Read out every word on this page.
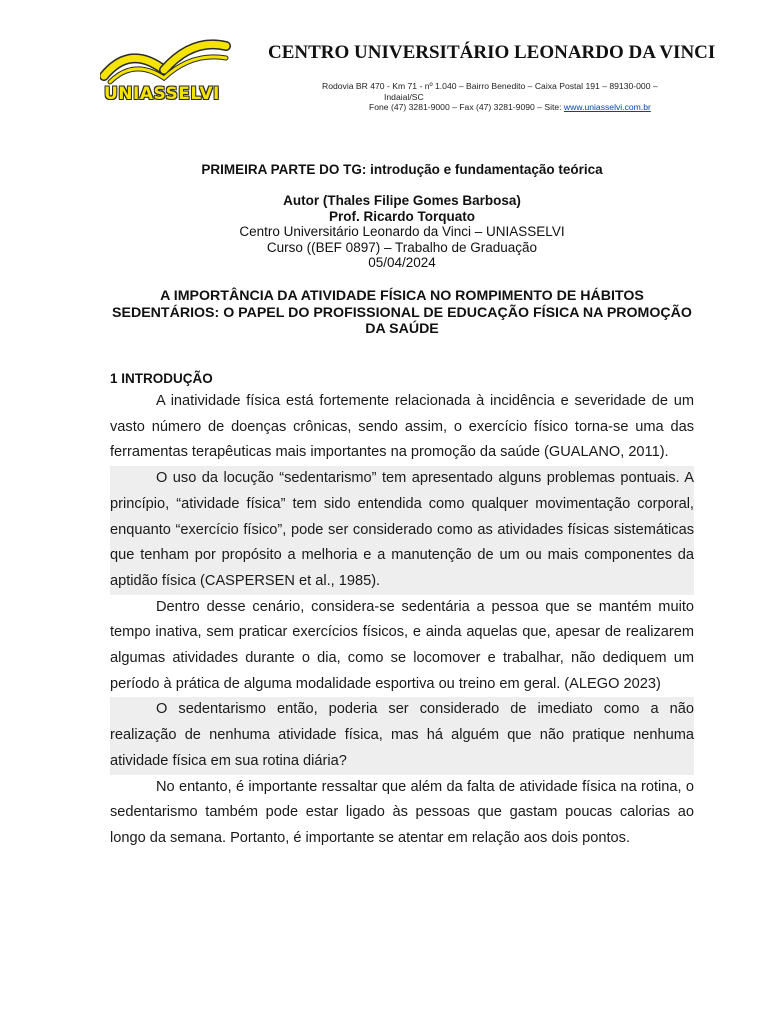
UNIASSELVI
CENTRO UNIVERSITÁRIO LEONARDO DA VINCI
Rodovia BR 470 - Km 71 - nº 1.040 – Bairro Benedito – Caixa Postal 191 – 89130-000 –
Indaial/SC
Fone (47) 3281-9000 – Fax (47) 3281-9090 – Site: www.uniasselvi.com.br
PRIMEIRA PARTE DO TG: introdução e fundamentação teórica
Autor (Thales Filipe Gomes Barbosa)
Prof. Ricardo Torquato
Centro Universitário Leonardo da Vinci – UNIASSELVI
Curso ((BEF 0897) – Trabalho de Graduação
05/04/2024
A IMPORTÂNCIA DA ATIVIDADE FÍSICA NO ROMPIMENTO DE HÁBITOS SEDENTÁRIOS: O PAPEL DO PROFISSIONAL DE EDUCAÇÃO FÍSICA NA PROMOÇÃO DA SAÚDE
1 INTRODUÇÃO

A inatividade física está fortemente relacionada à incidência e severidade de um vasto número de doenças crônicas, sendo assim, o exercício físico torna-se uma das ferramentas terapêuticas mais importantes na promoção da saúde (GUALANO, 2011).

O uso da locução “sedentarismo” tem apresentado alguns problemas pontuais. A princípio, “atividade física” tem sido entendida como qualquer movimentação corporal, enquanto “exercício físico”, pode ser considerado como as atividades físicas sistemáticas que tenham por propósito a melhoria e a manutenção de um ou mais componentes da aptidão física (CASPERSEN et al., 1985).

Dentro desse cenário, considera-se sedentária a pessoa que se mantém muito tempo inativa, sem praticar exercícios físicos, e ainda aquelas que, apesar de realizarem algumas atividades durante o dia, como se locomover e trabalhar, não dediquem um período à prática de alguma modalidade esportiva ou treino em geral. (ALEGO 2023)

O sedentarismo então, poderia ser considerado de imediato como a não realização de nenhuma atividade física, mas há alguém que não pratique nenhuma atividade física em sua rotina diária?

No entanto, é importante ressaltar que além da falta de atividade física na rotina, o sedentarismo também pode estar ligado às pessoas que gastam poucas calorias ao longo da semana. Portanto, é importante se atentar em relação aos dois pontos.
